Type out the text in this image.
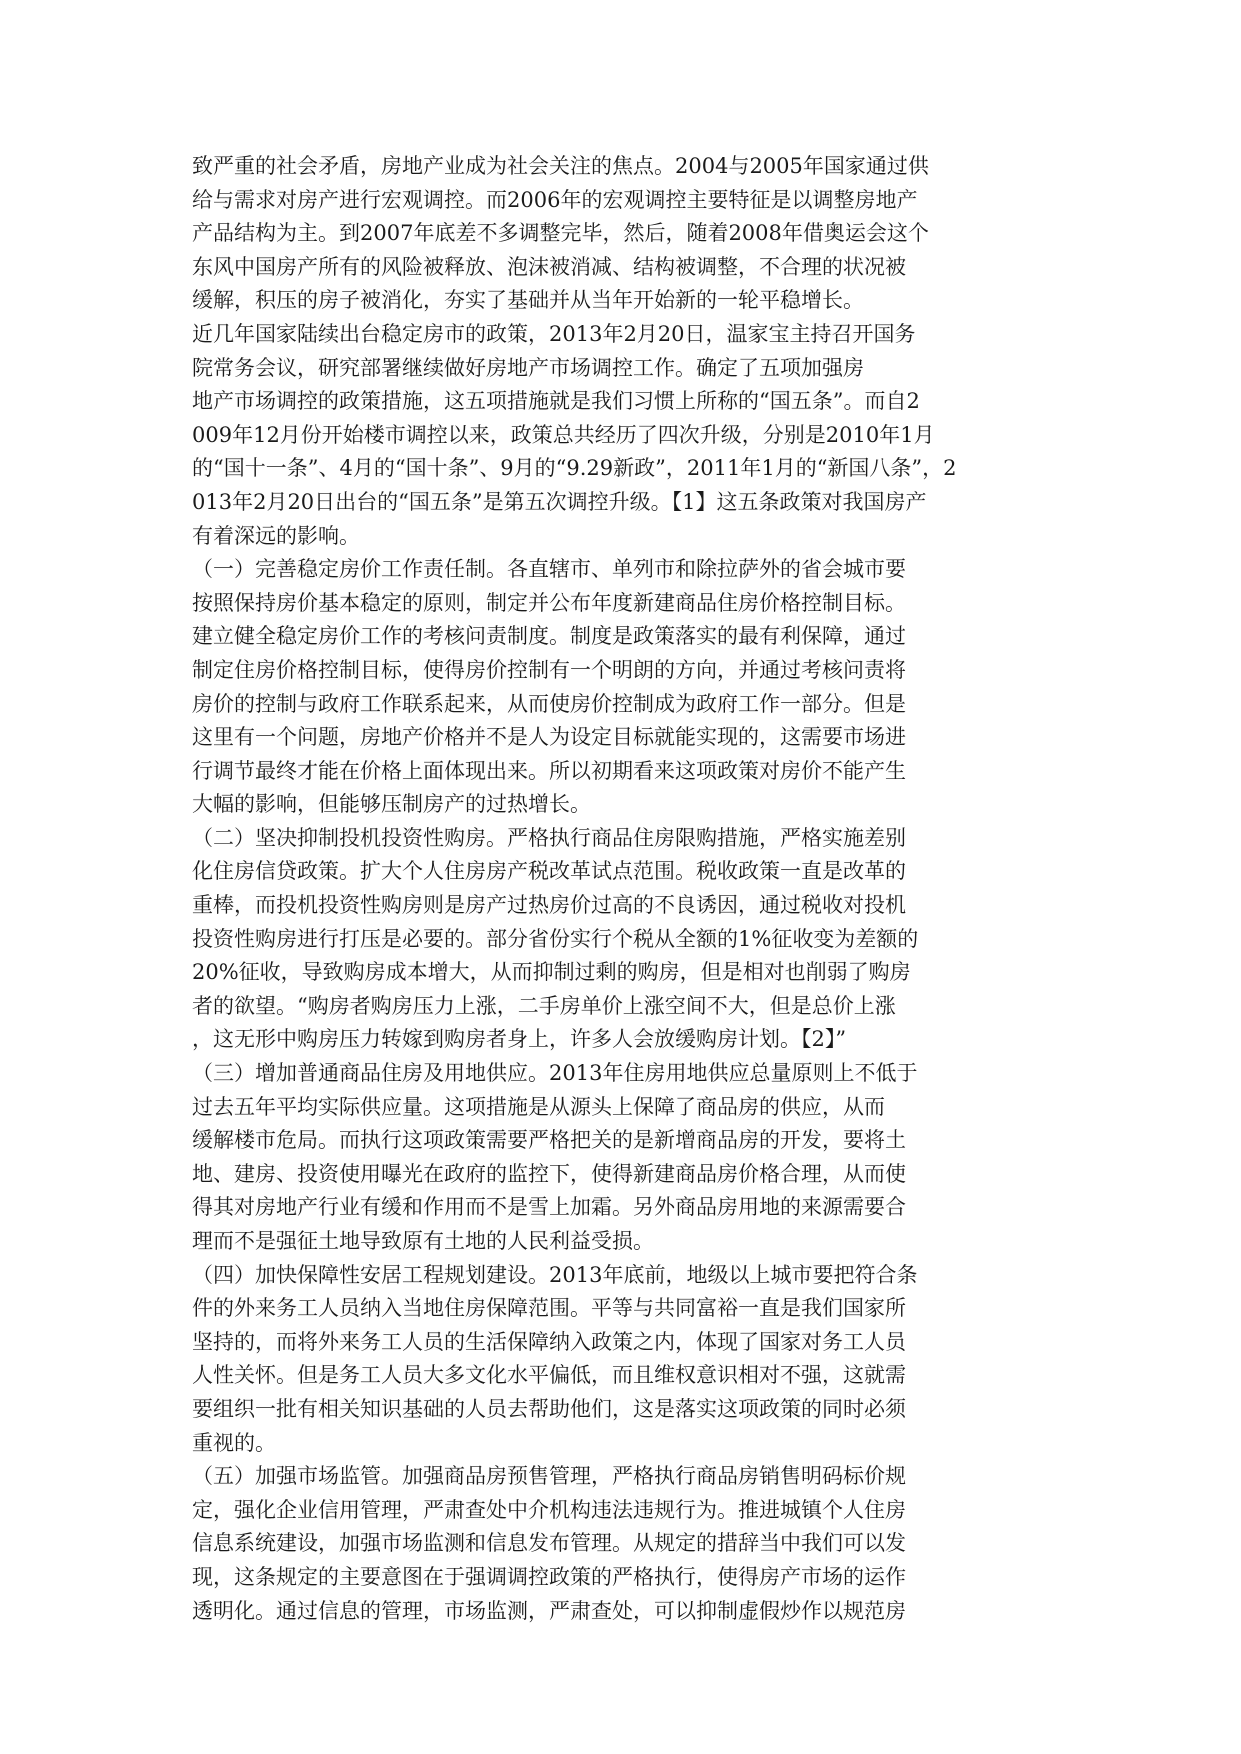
致严重的社会矛盾，房地产业成为社会关注的焦点。2004与2005年国家通过供
给与需求对房产进行宏观调控。而2006年的宏观调控主要特征是以调整房地产
产品结构为主。到2007年底差不多调整完毕，然后，随着2008年借奥运会这个
东风中国房产所有的风险被释放、泡沫被消减、结构被调整，不合理的状况被
缓解，积压的房子被消化，夯实了基础并从当年开始新的一轮平稳增长。
近几年国家陆续出台稳定房市的政策，2013年2月20日，温家宝主持召开国务
院常务会议，研究部署继续做好房地产市场调控工作。确定了五项加强房
地产市场调控的政策措施，这五项措施就是我们习惯上所称的“国五条”。而自2
009年12月份开始楼市调控以来，政策总共经历了四次升级，分别是2010年1月
的“国十一条”、4月的“国十条”、9月的“9.29新政”，2011年1月的“新国八条”，2
013年2月20日出台的“国五条”是第五次调控升级。【1】这五条政策对我国房产
有着深远的影响。
（一）完善稳定房价工作责任制。各直辖市、单列市和除拉萨外的省会城市要
按照保持房价基本稳定的原则，制定并公布年度新建商品住房价格控制目标。
建立健全稳定房价工作的考核问责制度。制度是政策落实的最有利保障，通过
制定住房价格控制目标，使得房价控制有一个明朗的方向，并通过考核问责将
房价的控制与政府工作联系起来，从而使房价控制成为政府工作一部分。但是
这里有一个问题，房地产价格并不是人为设定目标就能实现的，这需要市场进
行调节最终才能在价格上面体现出来。所以初期看来这项政策对房价不能产生
大幅的影响，但能够压制房产的过热增长。
（二）坚决抑制投机投资性购房。严格执行商品住房限购措施，严格实施差别
化住房信贷政策。扩大个人住房房产税改革试点范围。税收政策一直是改革的
重棒，而投机投资性购房则是房产过热房价过高的不良诱因，通过税收对投机
投资性购房进行打压是必要的。部分省份实行个税从全额的1%征收变为差额的
20%征收，导致购房成本增大，从而抑制过剩的购房，但是相对也削弱了购房
者的欲望。“购房者购房压力上涨，二手房单价上涨空间不大，但是总价上涨
，这无形中购房压力转嫁到购房者身上，许多人会放缓购房计划。【2】”
（三）增加普通商品住房及用地供应。2013年住房用地供应总量原则上不低于
过去五年平均实际供应量。这项措施是从源头上保障了商品房的供应，从而
缓解楼市危局。而执行这项政策需要严格把关的是新增商品房的开发，要将土
地、建房、投资使用曝光在政府的监控下，使得新建商品房价格合理，从而使
得其对房地产行业有缓和作用而不是雪上加霜。另外商品房用地的来源需要合
理而不是强征土地导致原有土地的人民利益受损。
（四）加快保障性安居工程规划建设。2013年底前，地级以上城市要把符合条
件的外来务工人员纳入当地住房保障范围。平等与共同富裕一直是我们国家所
坚持的，而将外来务工人员的生活保障纳入政策之内，体现了国家对务工人员
人性关怀。但是务工人员大多文化水平偏低，而且维权意识相对不强，这就需
要组织一批有相关知识基础的人员去帮助他们，这是落实这项政策的同时必须
重视的。
（五）加强市场监管。加强商品房预售管理，严格执行商品房销售明码标价规
定，强化企业信用管理，严肃查处中介机构违法违规行为。推进城镇个人住房
信息系统建设，加强市场监测和信息发布管理。从规定的措辞当中我们可以发
现，这条规定的主要意图在于强调调控政策的严格执行，使得房产市场的运作
透明化。通过信息的管理，市场监测，严肃查处，可以抑制虚假炒作以规范房
